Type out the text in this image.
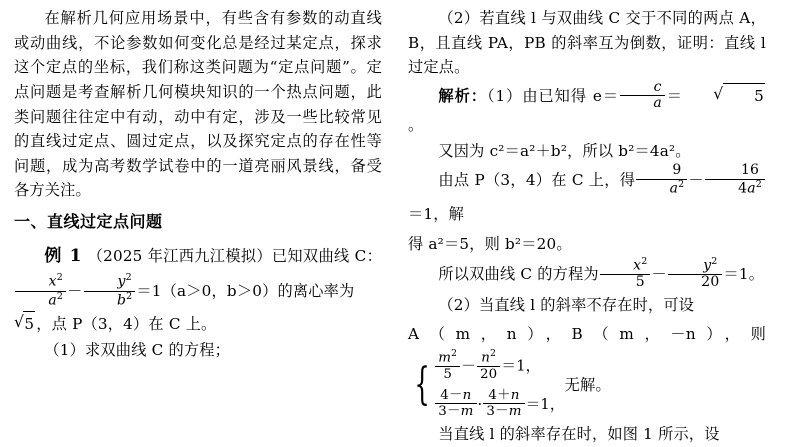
在解析几何应用场景中，有些含有参数的动直线或动曲线，不论参数如何变化总是经过某定点，探求这个定点的坐标，我们称这类问题为“定点问题”。定点问题是考查解析几何模块知识的一个热点问题，此类问题往往定中有动，动中有定，涉及一些比较常见的直线过定点、圆过定点，以及探究定点的存在性等问题，成为高考数学试卷中的一道亮丽风景线，备受各方关注。

一、直线过定点问题

例 1 （2025 年江西九江模拟）已知双曲线 C：
$\frac{x^2}{a^2} - \frac{y^2}{b^2} =1(a>0$，b＞0）的离心率为

√ 5 ，点 P（3，4）在 C 上。

（1）求双曲线 C 的方程；

（2）若直线 l 与双曲线 C 交于不同的两点 A，B，且直线 PA，PB 的斜率互为倒数，证明：直线 l 过定点。

解析：（1）由已知得 $e= \frac{c}{a}$ ＝	√ 5。

又因为 c²＝a²＋b²，所以 b²＝4a²。

由点 P（3，4）在 C 上，得 $\frac{9}{a^2} - \frac{16}{4a^2}$
＝1，解

得 a²＝5，则 b²＝20。

所以双曲线 C 的方程为 $\frac{x^2}{5} - \frac{y^2}{20} =1$。

（2）当直线 l 的斜率不存在时，可设

A（m，n），B（m，－n），则
{ $\frac{m^2}{5} - \frac{n^2}{20} =1$，
$\frac{4-n}{3-m} \cdot \frac{4+n}{3-m} =1$，
无解。

当直线 l 的斜率存在时，如图 1 所示，设
